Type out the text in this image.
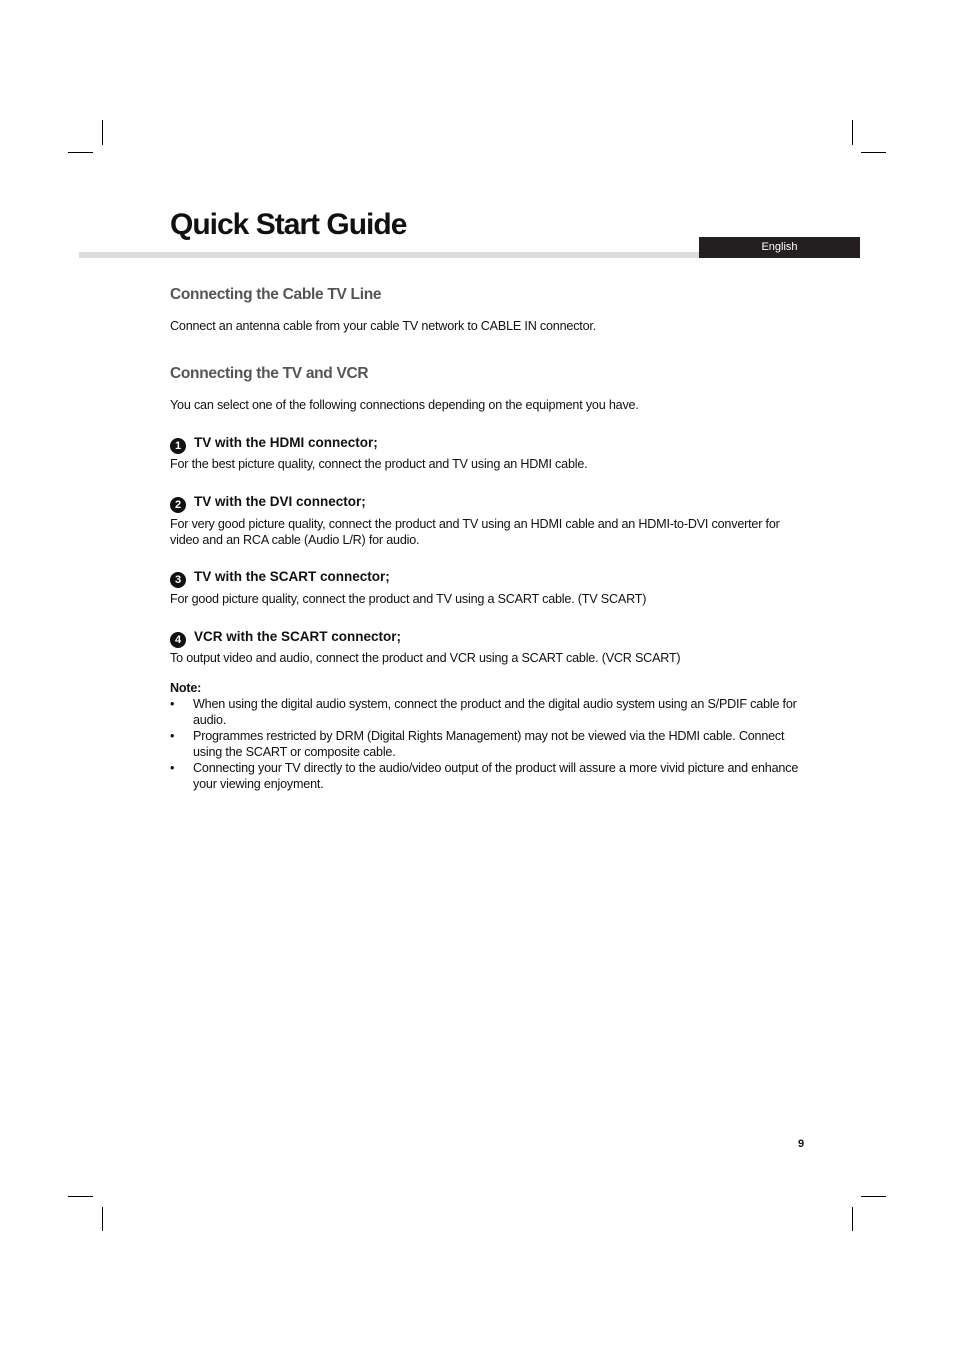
Quick Start Guide
English
Connecting the Cable TV Line
Connect an antenna cable from your cable TV network to CABLE IN connector.
Connecting the TV and VCR
You can select one of the following connections depending on the equipment you have.
1 TV with the HDMI connector;
For the best picture quality, connect the product and TV using an HDMI cable.
2 TV with the DVI connector;
For very good picture quality, connect the product and TV using an HDMI cable and an HDMI-to-DVI converter for video and an RCA cable (Audio L/R) for audio.
3 TV with the SCART connector;
For good picture quality, connect the product and TV using a SCART cable. (TV SCART)
4 VCR with the SCART connector;
To output video and audio, connect the product and VCR using a SCART cable. (VCR SCART)
Note:
• When using the digital audio system, connect the product and the digital audio system using an S/PDIF cable for audio.
• Programmes restricted by DRM (Digital Rights Management) may not be viewed via the HDMI cable. Connect using the SCART or composite cable.
• Connecting your TV directly to the audio/video output of the product will assure a more vivid picture and enhance your viewing enjoyment.
9
